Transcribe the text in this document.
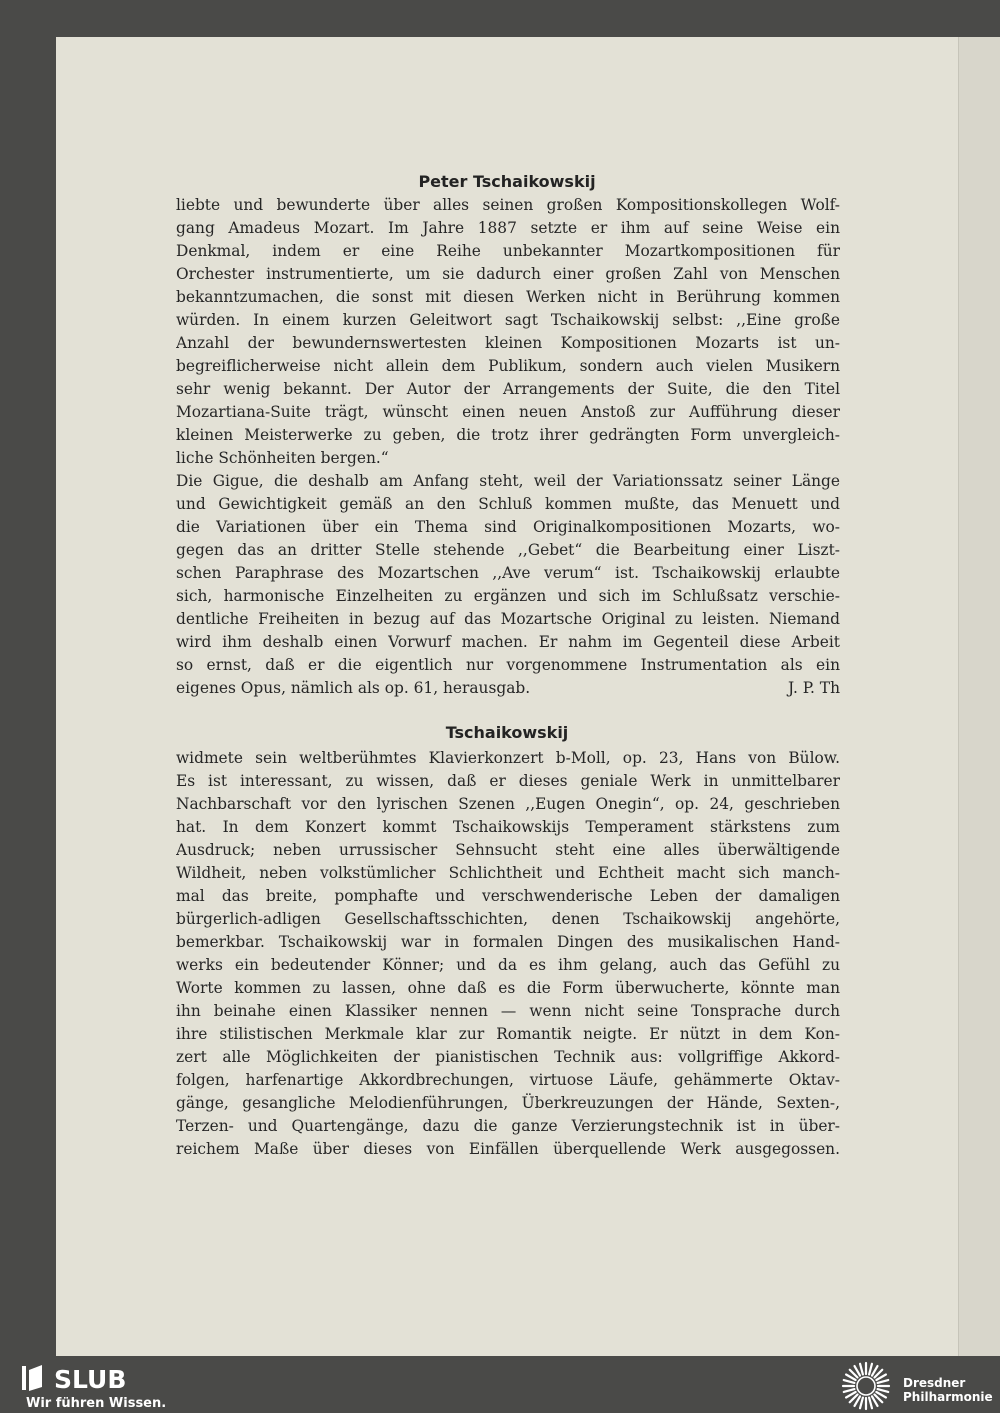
Peter Tschaikowskij
liebte und bewunderte über alles seinen großen Kompositionskollegen Wolf-
gang Amadeus Mozart. Im Jahre 1887 setzte er ihm auf seine Weise ein
Denkmal, indem er eine Reihe unbekannter Mozartkompositionen für
Orchester instrumentierte, um sie dadurch einer großen Zahl von Menschen
bekanntzumachen, die sonst mit diesen Werken nicht in Berührung kommen
würden. In einem kurzen Geleitwort sagt Tschaikowskij selbst: ,,Eine große
Anzahl der bewundernswertesten kleinen Kompositionen Mozarts ist un-
begreiflicherweise nicht allein dem Publikum, sondern auch vielen Musikern
sehr wenig bekannt. Der Autor der Arrangements der Suite, die den Titel
Mozartiana-Suite trägt, wünscht einen neuen Anstoß zur Aufführung dieser
kleinen Meisterwerke zu geben, die trotz ihrer gedrängten Form unvergleich-
liche Schönheiten bergen.“
Die Gigue, die deshalb am Anfang steht, weil der Variationssatz seiner Länge
und Gewichtigkeit gemäß an den Schluß kommen mußte, das Menuett und
die Variationen über ein Thema sind Originalkompositionen Mozarts, wo-
gegen das an dritter Stelle stehende ,,Gebet“ die Bearbeitung einer Liszt-
schen Paraphrase des Mozartschen ,,Ave verum“ ist. Tschaikowskij erlaubte
sich, harmonische Einzelheiten zu ergänzen und sich im Schlußsatz verschie-
dentliche Freiheiten in bezug auf das Mozartsche Original zu leisten. Niemand
wird ihm deshalb einen Vorwurf machen. Er nahm im Gegenteil diese Arbeit
so ernst, daß er die eigentlich nur vorgenommene Instrumentation als ein
eigenes Opus, nämlich als op. 61, herausgab.	J. P. Th
Tschaikowskij
widmete sein weltberühmtes Klavierkonzert b-Moll, op. 23, Hans von Bülow.
Es ist interessant, zu wissen, daß er dieses geniale Werk in unmittelbarer
Nachbarschaft vor den lyrischen Szenen ,,Eugen Onegin“, op. 24, geschrieben
hat. In dem Konzert kommt Tschaikowskijs Temperament stärkstens zum
Ausdruck; neben urrussischer Sehnsucht steht eine alles überwältigende
Wildheit, neben volkstümlicher Schlichtheit und Echtheit macht sich manch-
mal das breite, pomphafte und verschwenderische Leben der damaligen
bürgerlich-adligen Gesellschaftsschichten, denen Tschaikowskij angehörte,
bemerkbar. Tschaikowskij war in formalen Dingen des musikalischen Hand-
werks ein bedeutender Könner; und da es ihm gelang, auch das Gefühl zu
Worte kommen zu lassen, ohne daß es die Form überwucherte, könnte man
ihn beinahe einen Klassiker nennen — wenn nicht seine Tonsprache durch
ihre stilistischen Merkmale klar zur Romantik neigte. Er nützt in dem Kon-
zert alle Möglichkeiten der pianistischen Technik aus: vollgriffige Akkord-
folgen, harfenartige Akkordbrechungen, virtuose Läufe, gehämmerte Oktav-
gänge, gesangliche Melodienführungen, Überkreuzungen der Hände, Sexten-,
Terzen- und Quartengänge, dazu die ganze Verzierungstechnik ist in über-
reichem Maße über dieses von Einfällen überquellende Werk ausgegossen.

SLUB

Wir führen Wissen.

Dresdner
Philharmonie
